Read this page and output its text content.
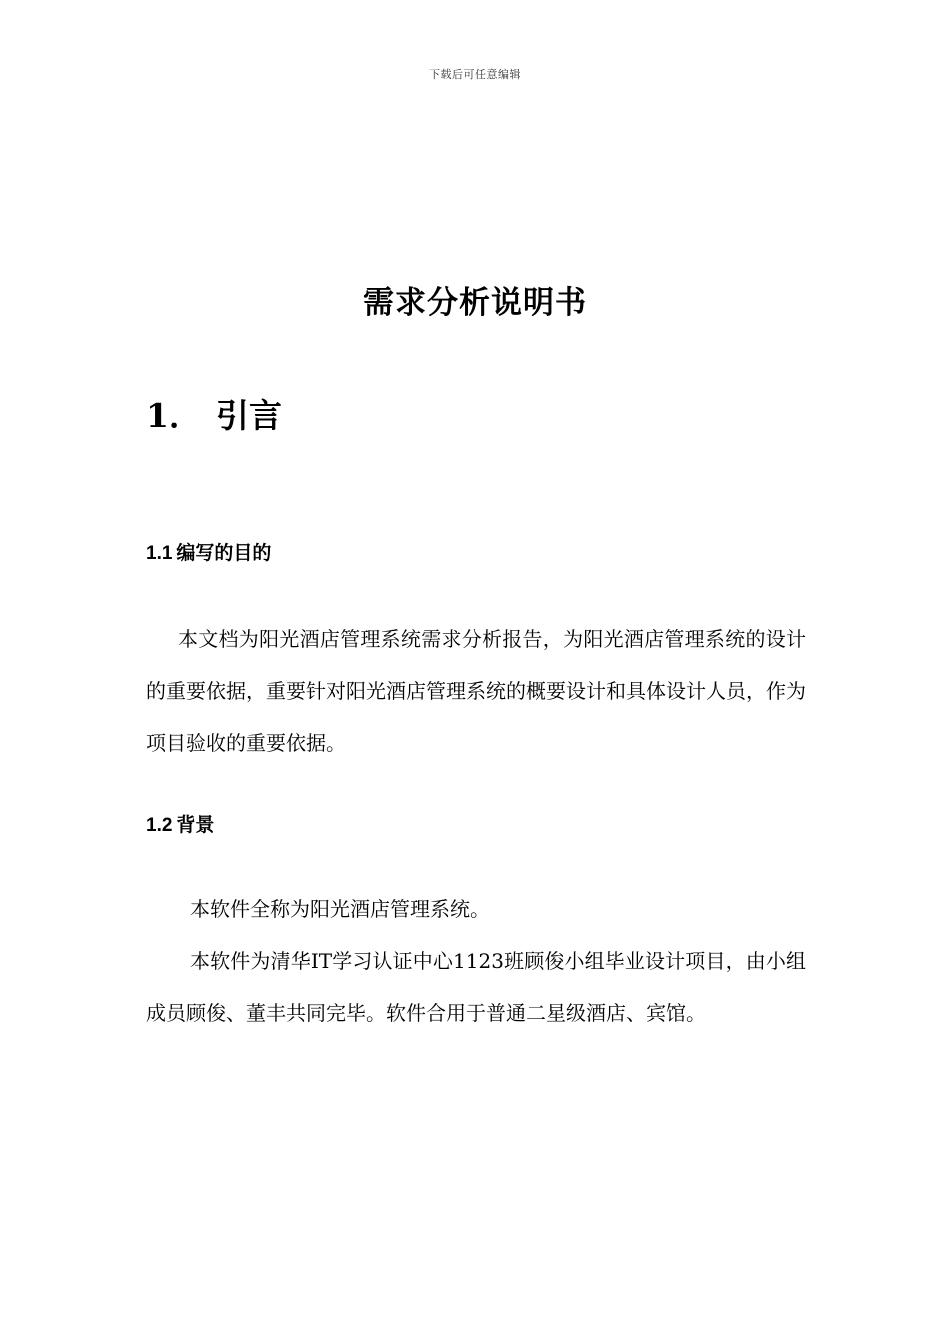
下载后可任意编辑
需求分析说明书
1． 引言
1.1 编写的目的
本文档为阳光酒店管理系统需求分析报告，为阳光酒店管理系统的设计的重要依据，重要针对阳光酒店管理系统的概要设计和具体设计人员，作为项目验收的重要依据。
1.2 背景
本软件全称为阳光酒店管理系统。
本软件为清华IT学习认证中心1123班顾俊小组毕业设计项目，由小组成员顾俊、董丰共同完毕。软件合用于普通二星级酒店、宾馆。
